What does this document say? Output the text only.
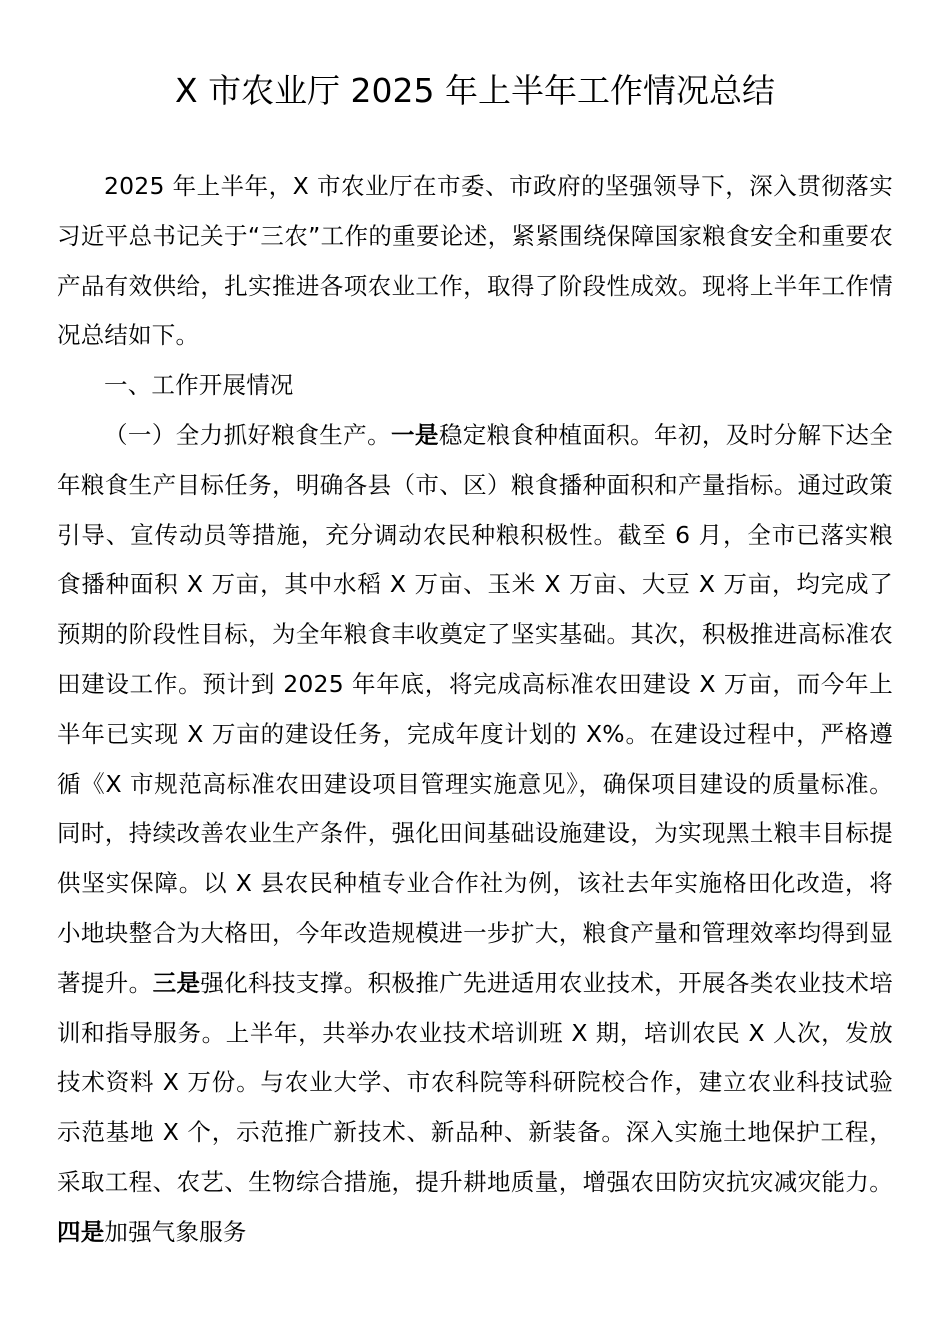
X 市农业厅 2025 年上半年工作情况总结

2025 年上半年，X 市农业厅在市委、市政府的坚强领导下，深入贯彻落实习近平总书记关于“三农”工作的重要论述，紧紧围绕保障国家粮食安全和重要农产品有效供给，扎实推进各项农业工作，取得了阶段性成效。现将上半年工作情况总结如下。

一、工作开展情况

（一）全力抓好粮食生产。一是稳定粮食种植面积。年初，及时分解下达全年粮食生产目标任务，明确各县（市、区）粮食播种面积和产量指标。通过政策引导、宣传动员等措施，充分调动农民种粮积极性。截至 6 月，全市已落实粮食播种面积 X 万亩，其中水稻 X 万亩、玉米 X 万亩、大豆 X 万亩，均完成了预期的阶段性目标，为全年粮食丰收奠定了坚实基础。其次，积极推进高标准农田建设工作。预计到 2025 年年底，将完成高标准农田建设 X 万亩，而今年上半年已实现 X 万亩的建设任务，完成年度计划的 X%。在建设过程中，严格遵循《X 市规范高标准农田建设项目管理实施意见》，确保项目建设的质量标准。同时，持续改善农业生产条件，强化田间基础设施建设，为实现黑土粮丰目标提供坚实保障。以 X 县农民种植专业合作社为例，该社去年实施格田化改造，将小地块整合为大格田，今年改造规模进一步扩大，粮食产量和管理效率均得到显著提升。三是强化科技支撑。积极推广先进适用农业技术，开展各类农业技术培训和指导服务。上半年，共举办农业技术培训班 X 期，培训农民 X 人次，发放技术资料 X 万份。与农业大学、市农科院等科研院校合作，建立农业科技试验示范基地 X 个，示范推广新技术、新品种、新装备。深入实施土地保护工程，采取工程、农艺、生物综合措施，提升耕地质量，增强农田防灾抗灾减灾能力。四是加强气象服务
